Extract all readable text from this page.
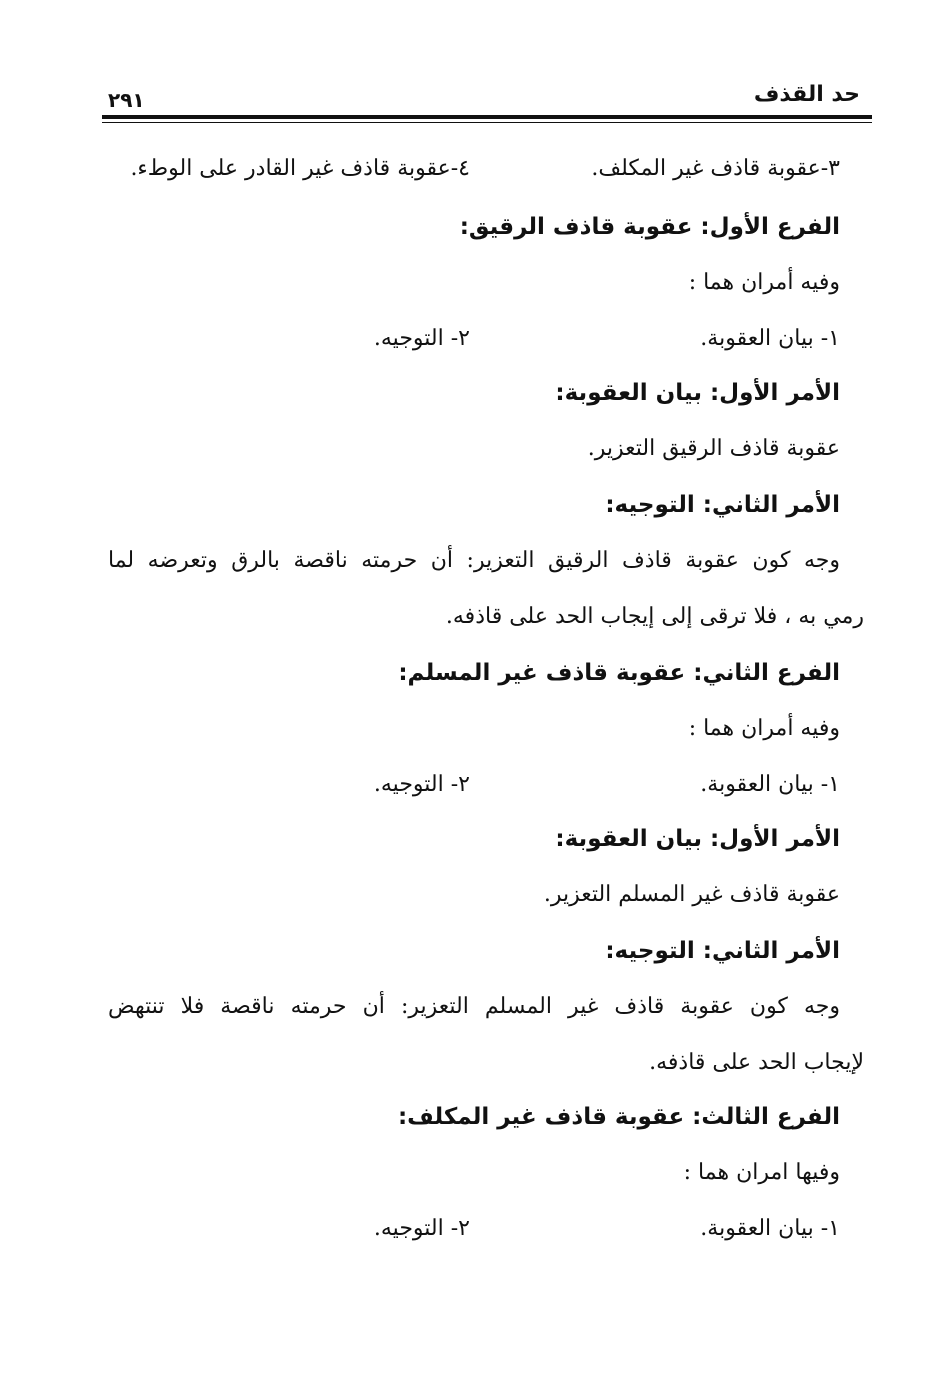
حد القذف
٢٩١
٣-عقوبة قاذف غير المكلف.
٤-عقوبة قاذف غير القادر على الوطء.
الفرع الأول: عقوبة قاذف الرقيق:
وفيه أمران هما :
١- بيان العقوبة.
٢- التوجيه.
الأمر الأول: بيان العقوبة:
عقوبة قاذف الرقيق التعزير.
الأمر الثاني: التوجيه:
وجه كون عقوبة قاذف الرقيق التعزير: أن حرمته ناقصة بالرق وتعرضه لما
رمي به ، فلا ترقى إلى إيجاب الحد على قاذفه.
الفرع الثاني: عقوبة قاذف غير المسلم:
وفيه أمران هما :
١- بيان العقوبة.
٢- التوجيه.
الأمر الأول: بيان العقوبة:
عقوبة قاذف غير المسلم التعزير.
الأمر الثاني: التوجيه:
وجه كون عقوبة قاذف غير المسلم التعزير: أن حرمته ناقصة فلا تنتهض
لإيجاب الحد على قاذفه.
الفرع الثالث: عقوبة قاذف غير المكلف:
وفيها امران هما :
١- بيان العقوبة.
٢- التوجيه.
